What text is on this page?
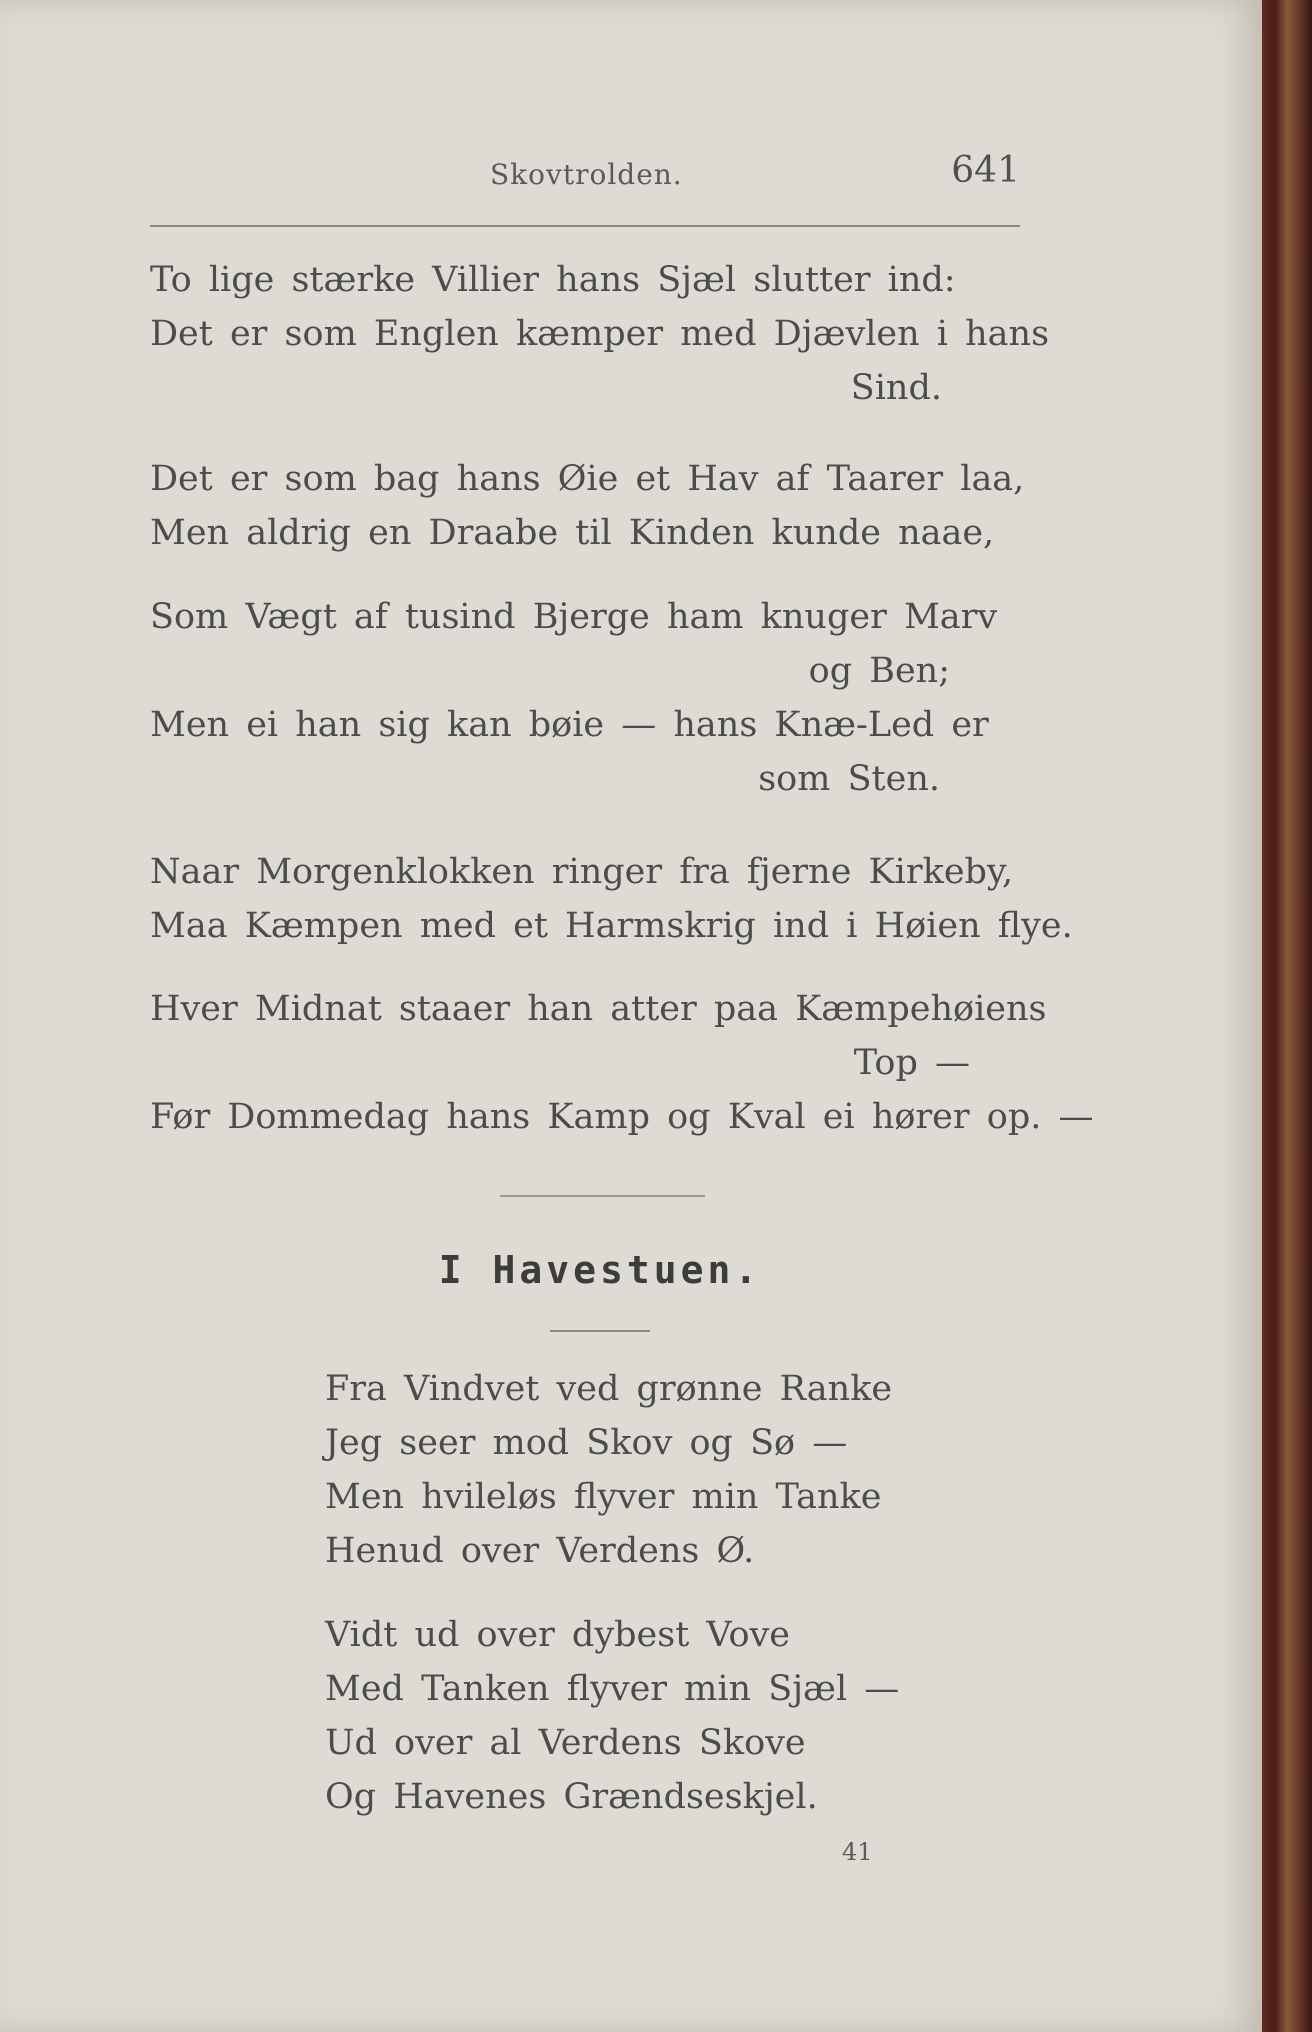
Skovtrolden.	641
To lige stærke Villier hans Sjæl slutter ind:
Det er som Englen kæmper med Djævlen i hans
Sind.
Det er som bag hans Øie et Hav af Taarer laa,
Men aldrig en Draabe til Kinden kunde naae,
Som Vægt af tusind Bjerge ham knuger Marv
og Ben;
Men ei han sig kan bøie — hans Knæ-Led er
som Sten.
Naar Morgenklokken ringer fra fjerne Kirkeby,
Maa Kæmpen med et Harmskrig ind i Høien flye.
Hver Midnat staaer han atter paa Kæmpehøiens
Top —
Før Dommedag hans Kamp og Kval ei hører op. —
I Havestuen.
Fra Vindvet ved grønne Ranke
Jeg seer mod Skov og Sø —
Men hvileløs flyver min Tanke
Henud over Verdens Ø.
Vidt ud over dybest Vove
Med Tanken flyver min Sjæl —
Ud over al Verdens Skove
Og Havenes Grændseskjel.
41
